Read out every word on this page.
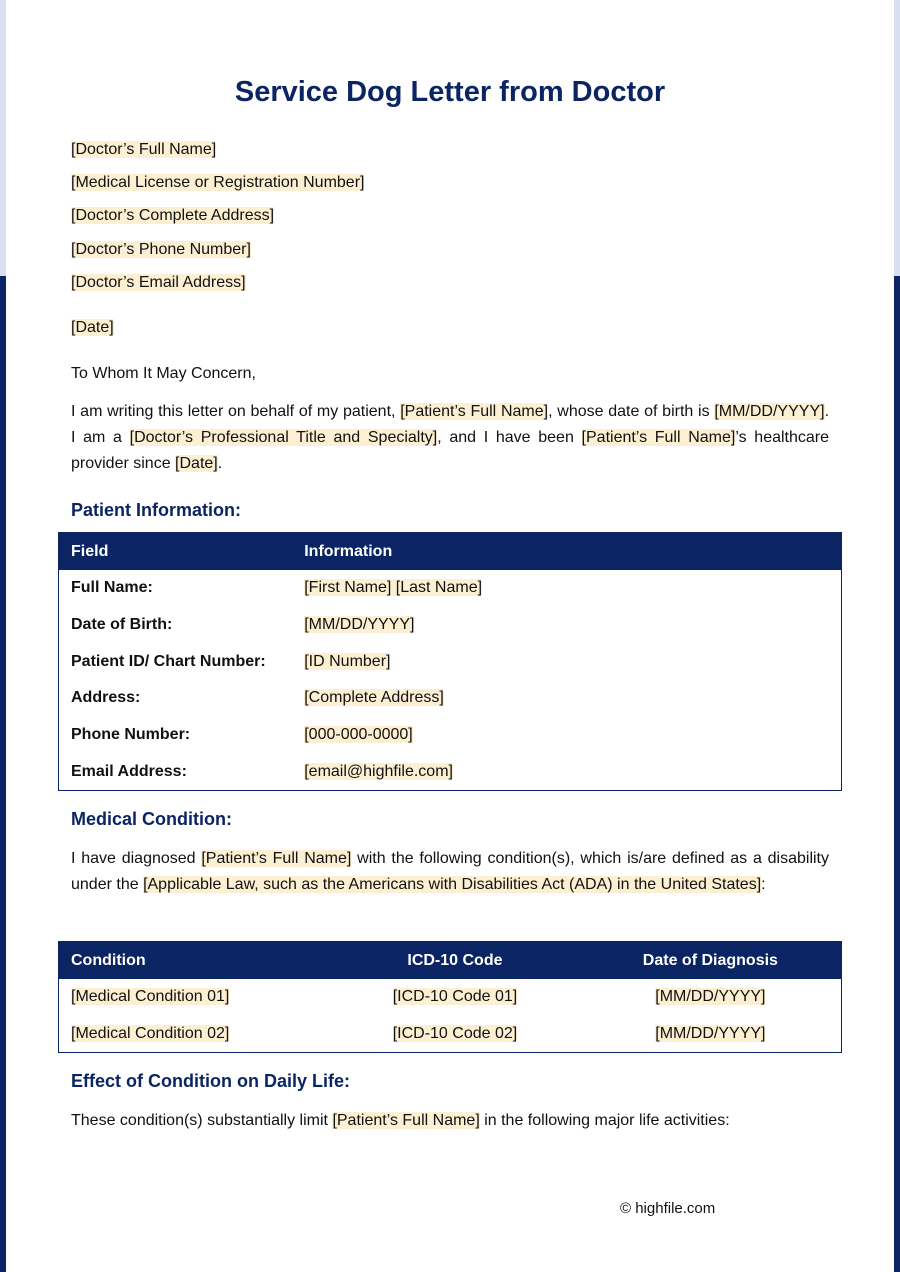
Service Dog Letter from Doctor
[Doctor’s Full Name]
[Medical License or Registration Number]
[Doctor’s Complete Address]
[Doctor’s Phone Number]
[Doctor’s Email Address]
[Date]
To Whom It May Concern,

I am writing this letter on behalf of my patient, [Patient’s Full Name], whose date of birth is [MM/DD/YYYY]. I am a [Doctor’s Professional Title and Specialty], and I have been [Patient’s Full Name]’s healthcare provider since [Date].

Patient Information:
Field	Information
Full Name:	[First Name] [Last Name]
Date of Birth:	[MM/DD/YYYY]
Patient ID/ Chart Number:	[ID Number]
Address:	[Complete Address]
Phone Number:	[000-000-0000]
Email Address:	[email@highfile.com]
Medical Condition:

I have diagnosed [Patient’s Full Name] with the following condition(s), which is/are defined as a disability under the [Applicable Law, such as the Americans with Disabilities Act (ADA) in the United States]:

Condition	ICD-10 Code	Date of Diagnosis
[Medical Condition 01]	[ICD-10 Code 01]	[MM/DD/YYYY]
[Medical Condition 02]	[ICD-10 Code 02]	[MM/DD/YYYY]
Effect of Condition on Daily Life:

These condition(s) substantially limit [Patient’s Full Name] in the following major life activities:

© highfile.com
